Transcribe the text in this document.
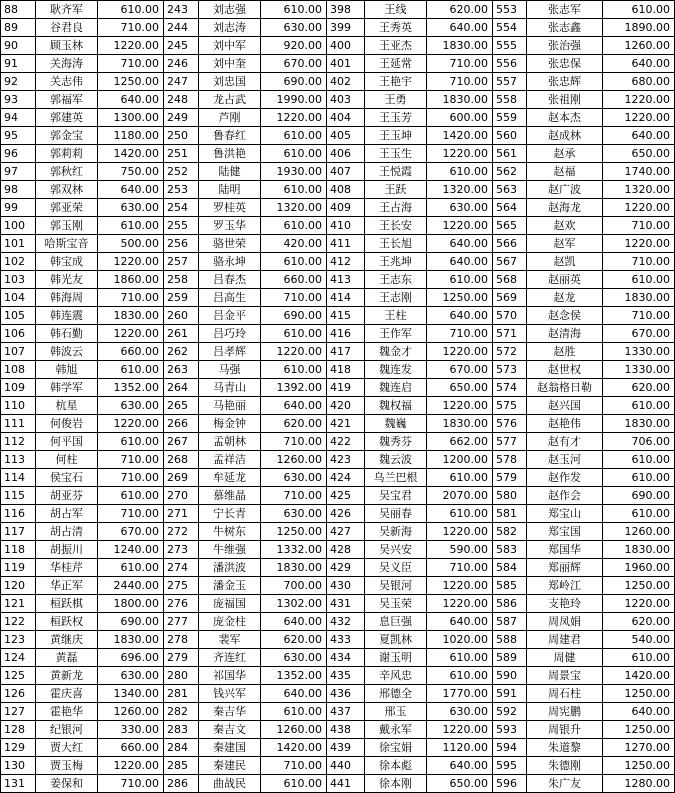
88	耿齐军	610.00	243	刘志强	610.00	398	王线	620.00	553	张志军	610.00
89	谷君良	710.00	244	刘志涛	630.00	399	王秀英	640.00	554	张志鑫	1890.00
90	顾玉林	1220.00	245	刘中军	920.00	400	王亚杰	1830.00	555	张治强	1260.00
91	关海涛	710.00	246	刘中奎	670.00	401	王延常	710.00	556	张忠保	640.00
92	关志伟	1250.00	247	刘忠国	690.00	402	王艳宇	710.00	557	张忠辉	680.00
93	郭福军	640.00	248	龙占武	1990.00	403	王勇	1830.00	558	张祖刚	1220.00
94	郭建英	1300.00	249	芦刚	1220.00	404	王玉芳	600.00	559	赵本杰	1220.00
95	郭金宝	1180.00	250	鲁春红	610.00	405	王玉坤	1420.00	560	赵成林	640.00
96	郭莉莉	1420.00	251	鲁洪艳	610.00	406	王玉生	1220.00	561	赵承	650.00
97	郭秋红	750.00	252	陆健	1930.00	407	王悦霞	610.00	562	赵福	1740.00
98	郭双林	640.00	253	陆明	610.00	408	王跃	1320.00	563	赵广波	1320.00
99	郭亚荣	630.00	254	罗桂英	1320.00	409	王占海	630.00	564	赵海龙	1220.00
100	郭玉刚	610.00	255	罗玉华	610.00	410	王长安	1220.00	565	赵欢	710.00
101	哈斯宝音	500.00	256	骆世荣	420.00	411	王长旭	640.00	566	赵军	1220.00
102	韩宝成	1220.00	257	骆永坤	610.00	412	王兆坤	640.00	567	赵凯	710.00
103	韩光友	1860.00	258	吕春杰	660.00	413	王志东	610.00	568	赵丽英	610.00
104	韩海周	710.00	259	吕高生	710.00	414	王志刚	1250.00	569	赵龙	1830.00
105	韩连震	1830.00	260	吕金平	690.00	415	王柱	640.00	570	赵念侯	710.00
106	韩石勤	1220.00	261	吕巧玲	610.00	416	王作军	710.00	571	赵清海	670.00
107	韩波云	660.00	262	吕孝辉	1220.00	417	魏金才	1220.00	572	赵胜	1330.00
108	韩旭	610.00	263	马强	610.00	418	魏连发	670.00	573	赵世权	1330.00
109	韩学军	1352.00	264	马青山	1392.00	419	魏连启	650.00	574	赵翁格日勒	620.00
110	杭星	630.00	265	马艳丽	640.00	420	魏权福	1220.00	575	赵兴国	610.00
111	何俊岩	1220.00	266	梅金钟	620.00	421	魏巍	1830.00	576	赵艳伟	1830.00
112	何平国	610.00	267	孟朝林	710.00	422	魏秀芬	662.00	577	赵有才	706.00
113	何柱	710.00	268	孟祥洁	1260.00	423	魏云波	1200.00	578	赵玉河	610.00
114	侯宝石	710.00	269	牟延龙	630.00	424	乌兰巴根	610.00	579	赵作发	610.00
115	胡亚芬	610.00	270	慕维晶	710.00	425	吴宝君	2070.00	580	赵作会	690.00
116	胡占军	710.00	271	宁长青	630.00	426	吴丽春	610.00	581	郑宝山	610.00
117	胡占清	670.00	272	牛树东	1250.00	427	吴新海	1220.00	582	郑宝国	1260.00
118	胡振川	1240.00	273	牛维强	1332.00	428	吴兴安	590.00	583	郑国华	1830.00
119	华桂芹	610.00	274	潘洪波	1830.00	429	吴义臣	710.00	584	郑丽辉	1960.00
120	华正军	2440.00	275	潘金玉	700.00	430	吴银河	1220.00	585	郑岭江	1250.00
121	桓跃棋	1800.00	276	庞福国	1302.00	431	吴玉荣	1220.00	586	支艳玲	1220.00
122	桓跃权	690.00	277	庞金柱	640.00	432	息巨强	640.00	587	周凤娟	620.00
123	黄继庆	1830.00	278	裴军	620.00	433	夏凯林	1020.00	588	周建君	540.00
124	黄磊	696.00	279	齐连红	630.00	434	谢玉明	610.00	589	周健	610.00
125	黄新龙	630.00	280	祁国华	1352.00	435	辛风忠	610.00	590	周景宝	1420.00
126	霍庆喜	1340.00	281	钱兴军	640.00	436	邢德全	1770.00	591	周石柱	1250.00
127	霍艳华	1260.00	282	秦吉华	610.00	437	邢玉	630.00	592	周宪鹏	640.00
128	纪银河	330.00	283	秦吉文	1260.00	438	戴永军	1220.00	593	周银升	1250.00
129	贾大红	660.00	284	秦建国	1420.00	439	徐宝娟	1120.00	594	朱道黎	1270.00
130	贾玉梅	1220.00	285	秦建民	710.00	440	徐本彪	640.00	595	朱德刚	1250.00
131	姜保和	710.00	286	曲战民	610.00	441	徐本刚	650.00	596	朱广友	1280.00
